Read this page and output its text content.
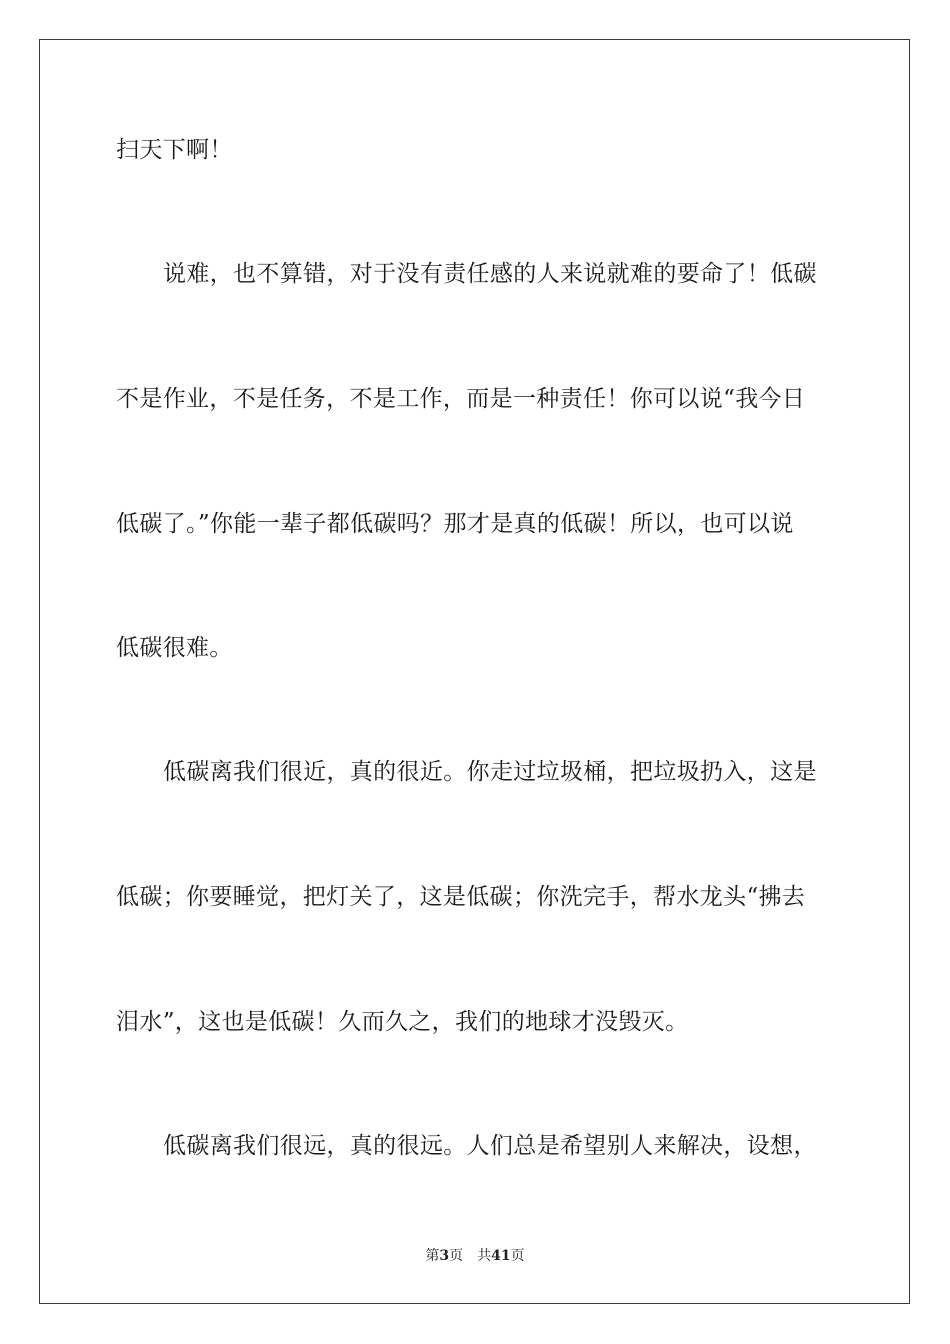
扫天下啊！
说难，也不算错，对于没有责任感的人来说就难的要命了！低碳
不是作业，不是任务，不是工作，而是一种责任！你可以说“我今日
低碳了。”你能一辈子都低碳吗？那才是真的低碳！所以，也可以说
低碳很难。
低碳离我们很近，真的很近。你走过垃圾桶，把垃圾扔入，这是
低碳；你要睡觉，把灯关了，这是低碳；你洗完手，帮水龙头“拂去
泪水”，这也是低碳！久而久之，我们的地球才没毁灭。
低碳离我们很远，真的很远。人们总是希望别人来解决，设想，
第3页 共41页
